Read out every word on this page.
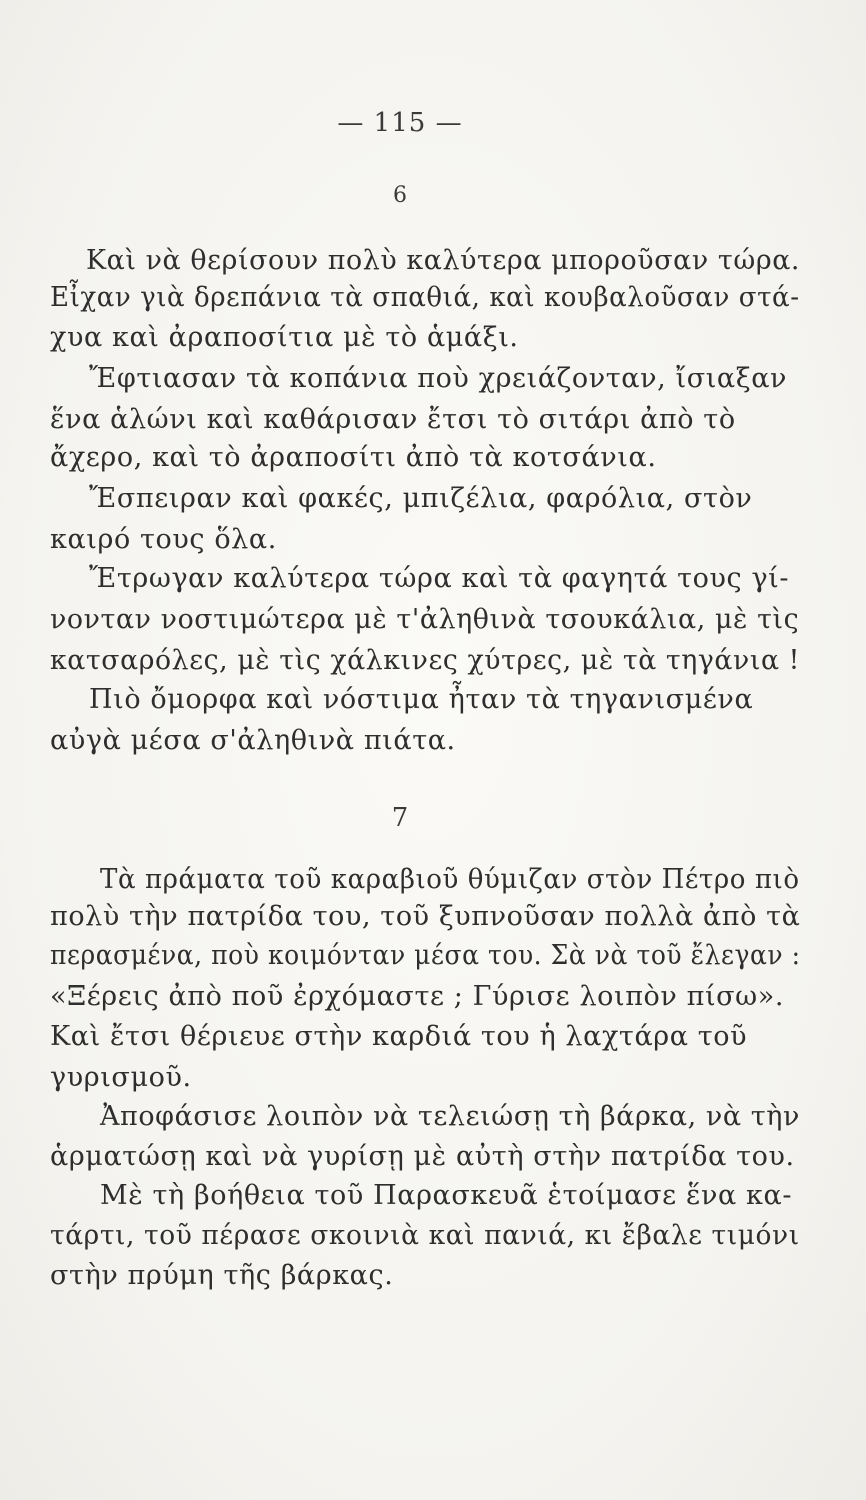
— 115 —
6
Καὶ νὰ θερίσουν πολὺ καλύτερα μποροῦσαν τώρα.
Εἶχαν γιὰ δρεπάνια τὰ σπαθιά, καὶ κουβαλοῦσαν στά-
χυα καὶ ἀραποσίτια μὲ τὸ ἁμάξι.
Ἔφτιασαν τὰ κοπάνια ποὺ χρειάζονταν, ἴσιαξαν
ἕνα ἁλώνι καὶ καθάρισαν ἔτσι τὸ σιτάρι ἀπὸ τὸ
ἄχερο, καὶ τὸ ἀραποσίτι ἀπὸ τὰ κοτσάνια.
Ἔσπειραν καὶ φακές, μπιζέλια, φαρόλια, στὸν
καιρό τους ὅλα.
Ἔτρωγαν καλύτερα τώρα καὶ τὰ φαγητά τους γί-
νονταν νοστιμώτερα μὲ τ'ἀληθινὰ τσουκάλια, μὲ τὶς
κατσαρόλες, μὲ τὶς χάλκινες χύτρες, μὲ τὰ τηγάνια !
Πιὸ ὄμορφα καὶ νόστιμα ἦταν τὰ τηγανισμένα
αὐγὰ μέσα σ'ἀληθινὰ πιάτα.
7
Τὰ πράματα τοῦ καραβιοῦ θύμιζαν στὸν Πέτρο πιὸ
πολὺ τὴν πατρίδα του, τοῦ ξυπνοῦσαν πολλὰ ἀπὸ τὰ
περασμένα, ποὺ κοιμόνταν μέσα του. Σὰ νὰ τοῦ ἔλεγαν :
«Ξέρεις ἀπὸ ποῦ ἐρχόμαστε ; Γύρισε λοιπὸν πίσω».
Καὶ ἔτσι θέριευε στὴν καρδιά του ἡ λαχτάρα τοῦ
γυρισμοῦ.
Ἀποφάσισε λοιπὸν νὰ τελειώσῃ τὴ βάρκα, νὰ τὴν
ἁρματώσῃ καὶ νὰ γυρίσῃ μὲ αὐτὴ στὴν πατρίδα του.
Μὲ τὴ βοήθεια τοῦ Παρασκευᾶ ἑτοίμασε ἕνα κα-
τάρτι, τοῦ πέρασε σκοινιὰ καὶ πανιά, κι ἔβαλε τιμόνι
στὴν πρύμη τῆς βάρκας.
